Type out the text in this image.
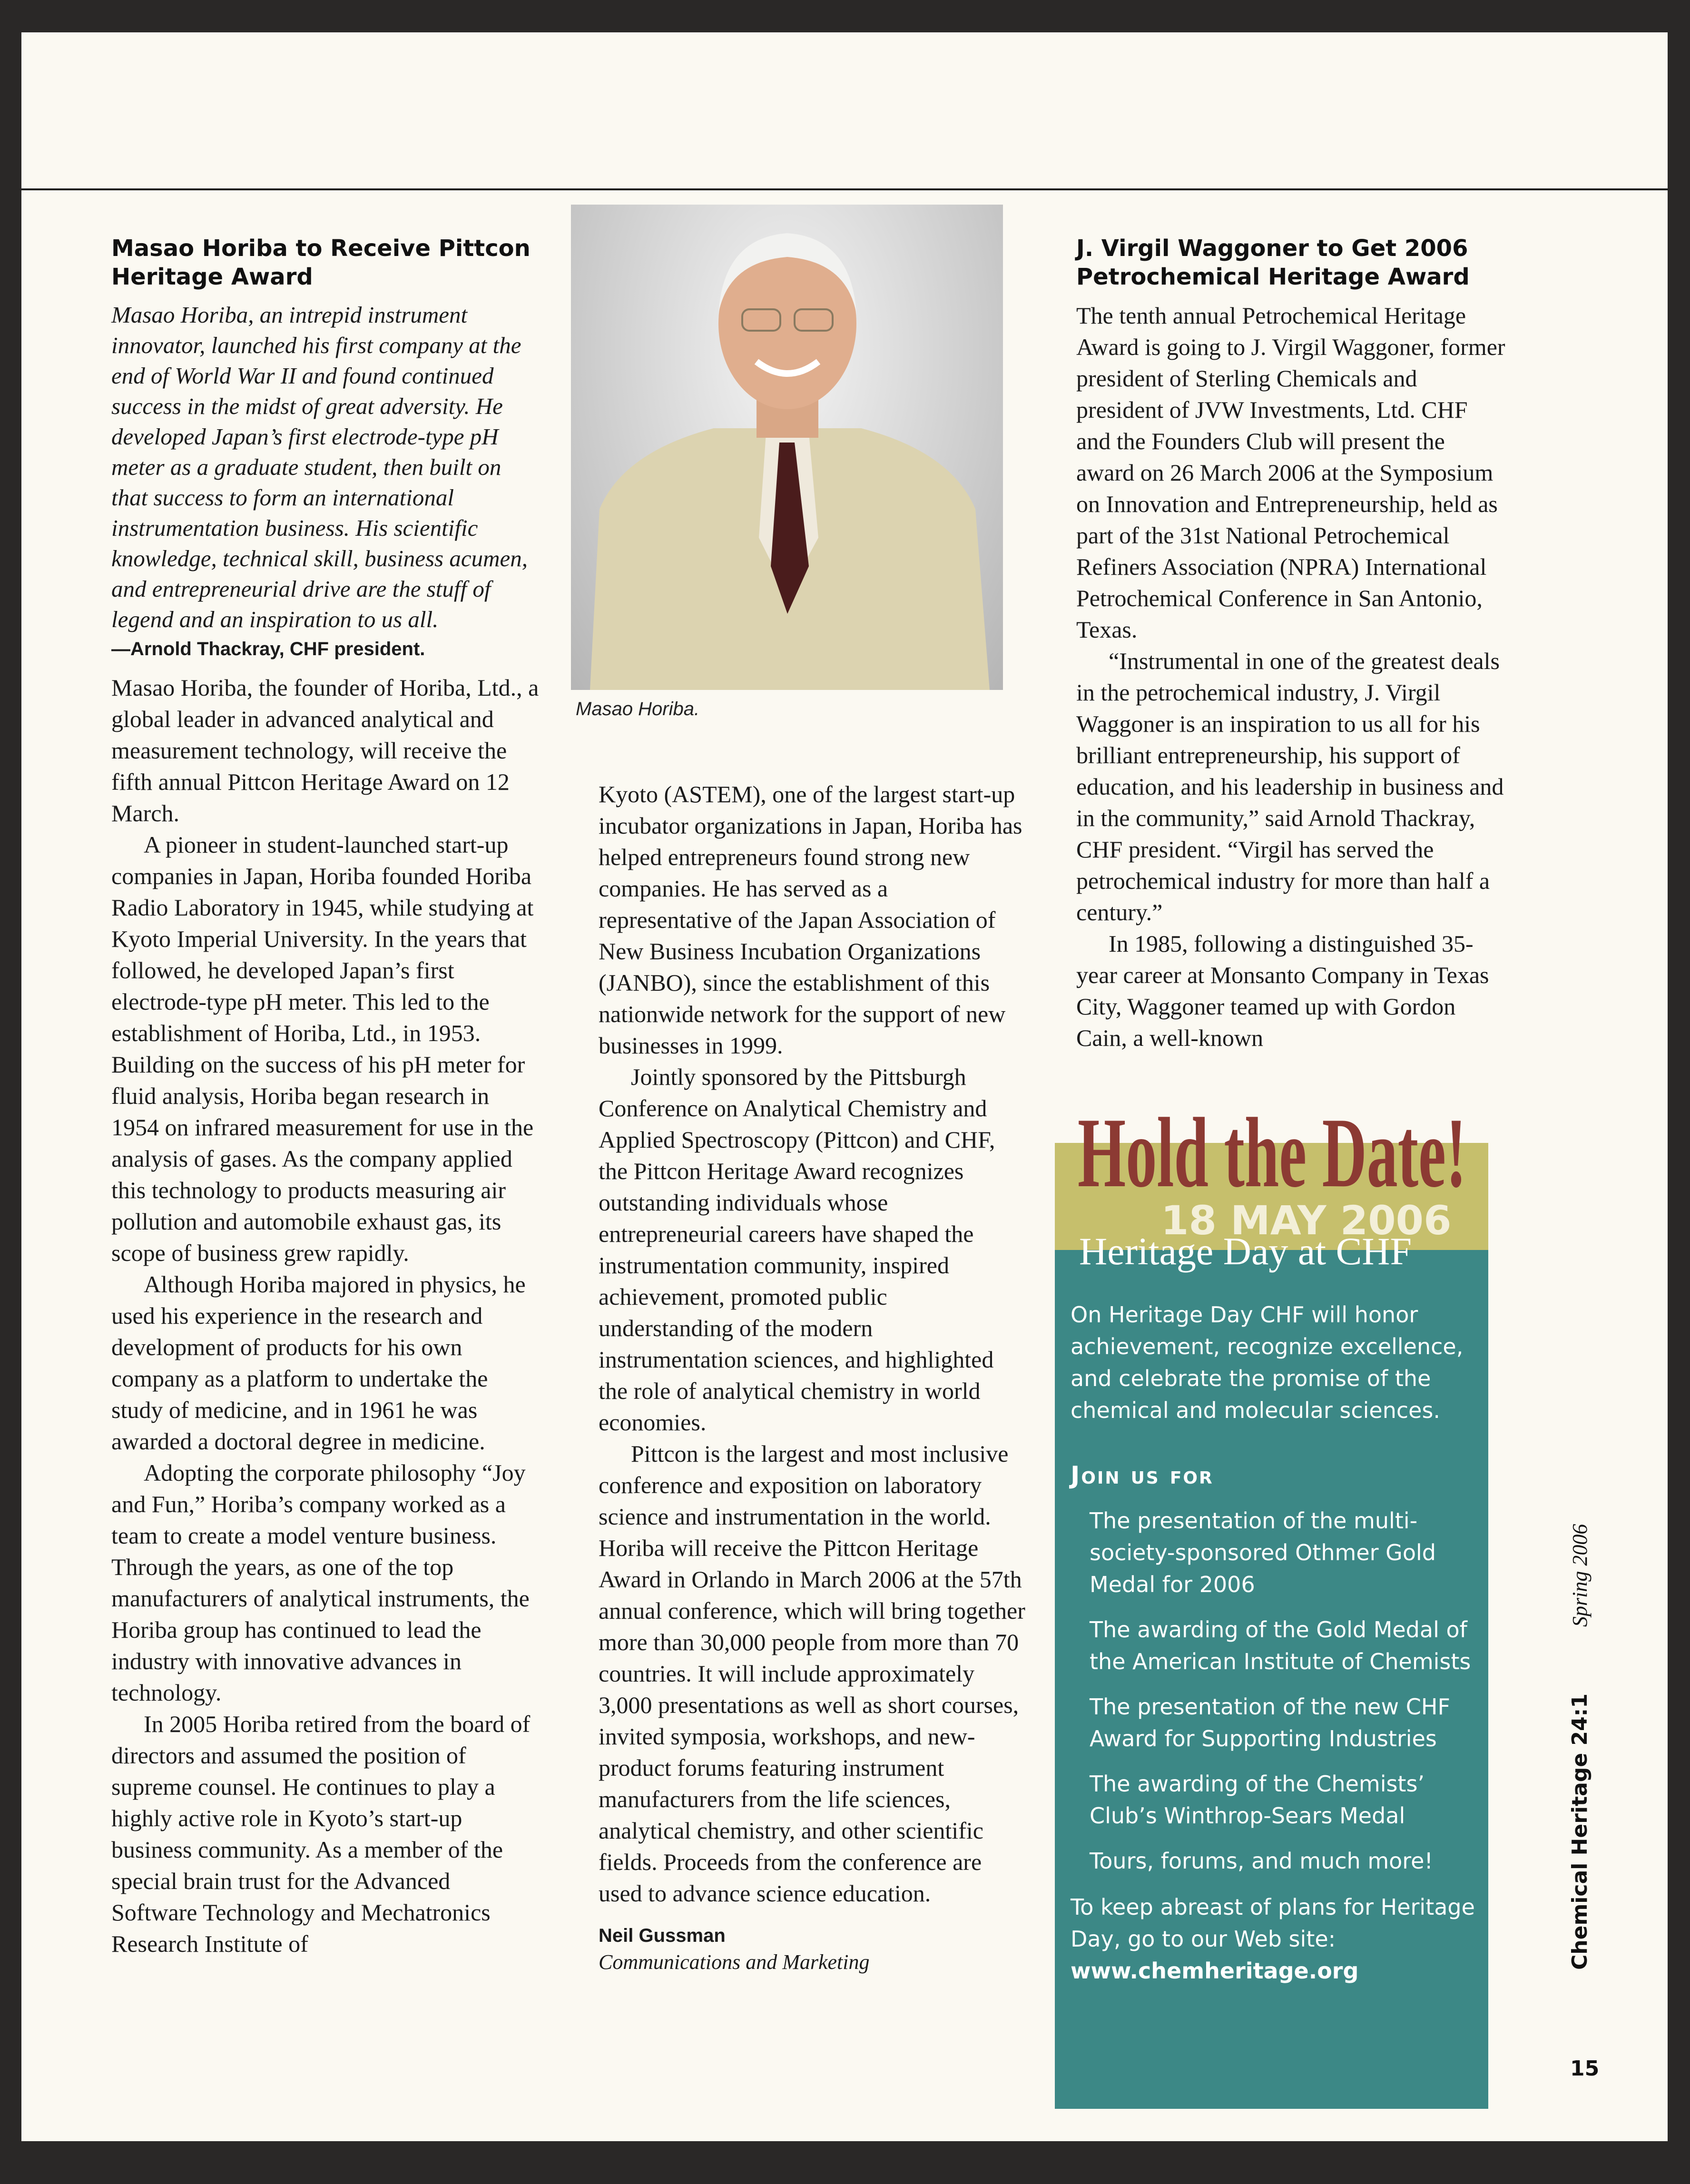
Masao Horiba to Receive Pittcon Heritage Award
Masao Horiba, an intrepid instrument innovator, launched his first company at the end of World War II and found continued success in the midst of great adversity. He developed Japan’s first electrode-type pH meter as a graduate student, then built on that success to form an international instrumentation business. His scientific knowledge, technical skill, business acumen, and entrepreneurial drive are the stuff of legend and an inspiration to us all.
—Arnold Thackray, CHF president.

Masao Horiba, the founder of Horiba, Ltd., a global leader in advanced analytical and measurement technology, will receive the fifth annual Pittcon Heritage Award on 12 March.

A pioneer in student-launched start-up companies in Japan, Horiba founded Horiba Radio Laboratory in 1945, while studying at Kyoto Imperial University. In the years that followed, he developed Japan’s first electrode-type pH meter. This led to the establishment of Horiba, Ltd., in 1953. Building on the success of his pH meter for fluid analysis, Horiba began research in 1954 on infrared measurement for use in the analysis of gases. As the company applied this technology to products measuring air pollution and automobile exhaust gas, its scope of business grew rapidly.

Although Horiba majored in physics, he used his experience in the research and development of products for his own company as a platform to undertake the study of medicine, and in 1961 he was awarded a doctoral degree in medicine.

Adopting the corporate philosophy “Joy and Fun,” Horiba’s company worked as a team to create a model venture business. Through the years, as one of the top manufacturers of analytical instruments, the Horiba group has continued to lead the industry with innovative advances in technology.

In 2005 Horiba retired from the board of directors and assumed the position of supreme counsel. He continues to play a highly active role in Kyoto’s start-up business community. As a member of the special brain trust for the Advanced Software Technology and Mechatronics Research Institute of

Masao Horiba.

Kyoto (ASTEM), one of the largest start-up incubator organizations in Japan, Horiba has helped entrepreneurs found strong new companies. He has served as a representative of the Japan Association of New Business Incubation Organizations (JANBO), since the establishment of this nationwide network for the support of new businesses in 1999.

Jointly sponsored by the Pittsburgh Conference on Analytical Chemistry and Applied Spectroscopy (Pittcon) and CHF, the Pittcon Heritage Award recognizes outstanding individuals whose entrepreneurial careers have shaped the instrumentation community, inspired achievement, promoted public understanding of the modern instrumentation sciences, and highlighted the role of analytical chemistry in world economies.

Pittcon is the largest and most inclusive conference and exposition on laboratory science and instrumentation in the world. Horiba will receive the Pittcon Heritage Award in Orlando in March 2006 at the 57th annual conference, which will bring together more than 30,000 people from more than 70 countries. It will include approximately 3,000 presentations as well as short courses, invited symposia, workshops, and new-product forums featuring instrument manufacturers from the life sciences, analytical chemistry, and other scientific fields. Proceeds from the conference are used to advance science education.

Neil Gussman
Communications and Marketing
J. Virgil Waggoner to Get 2006 Petrochemical Heritage Award

The tenth annual Petrochemical Heritage Award is going to J. Virgil Waggoner, former president of Sterling Chemicals and president of JVW Investments, Ltd. CHF and the Founders Club will present the award on 26 March 2006 at the Symposium on Innovation and Entrepreneurship, held as part of the 31st National Petrochemical Refiners Association (NPRA) International Petrochemical Conference in San Antonio, Texas.

“Instrumental in one of the greatest deals in the petrochemical industry, J. Virgil Waggoner is an inspiration to us all for his brilliant entrepreneurship, his support of education, and his leadership in business and in the community,” said Arnold Thackray, CHF president. “Virgil has served the petrochemical industry for more than half a century.”

In 1985, following a distinguished 35-year career at Monsanto Company in Texas City, Waggoner teamed up with Gordon Cain, a well-known

Hold the Date!
18 MAY 2006
Heritage Day at CHF
On Heritage Day CHF will honor achievement, recognize excellence, and celebrate the promise of the chemical and molecular sciences.
Join us for
The presentation of the multi-society-sponsored Othmer Gold Medal for 2006
The awarding of the Gold Medal of the American Institute of Chemists
The presentation of the new CHF Award for Supporting Industries
The awarding of the Chemists’ Club’s Winthrop-Sears Medal
Tours, forums, and much more!
To keep abreast of plans for Heritage Day, go to our Web site:
www.chemheritage.org
Chemical Heritage 24:1Spring 2006
15
